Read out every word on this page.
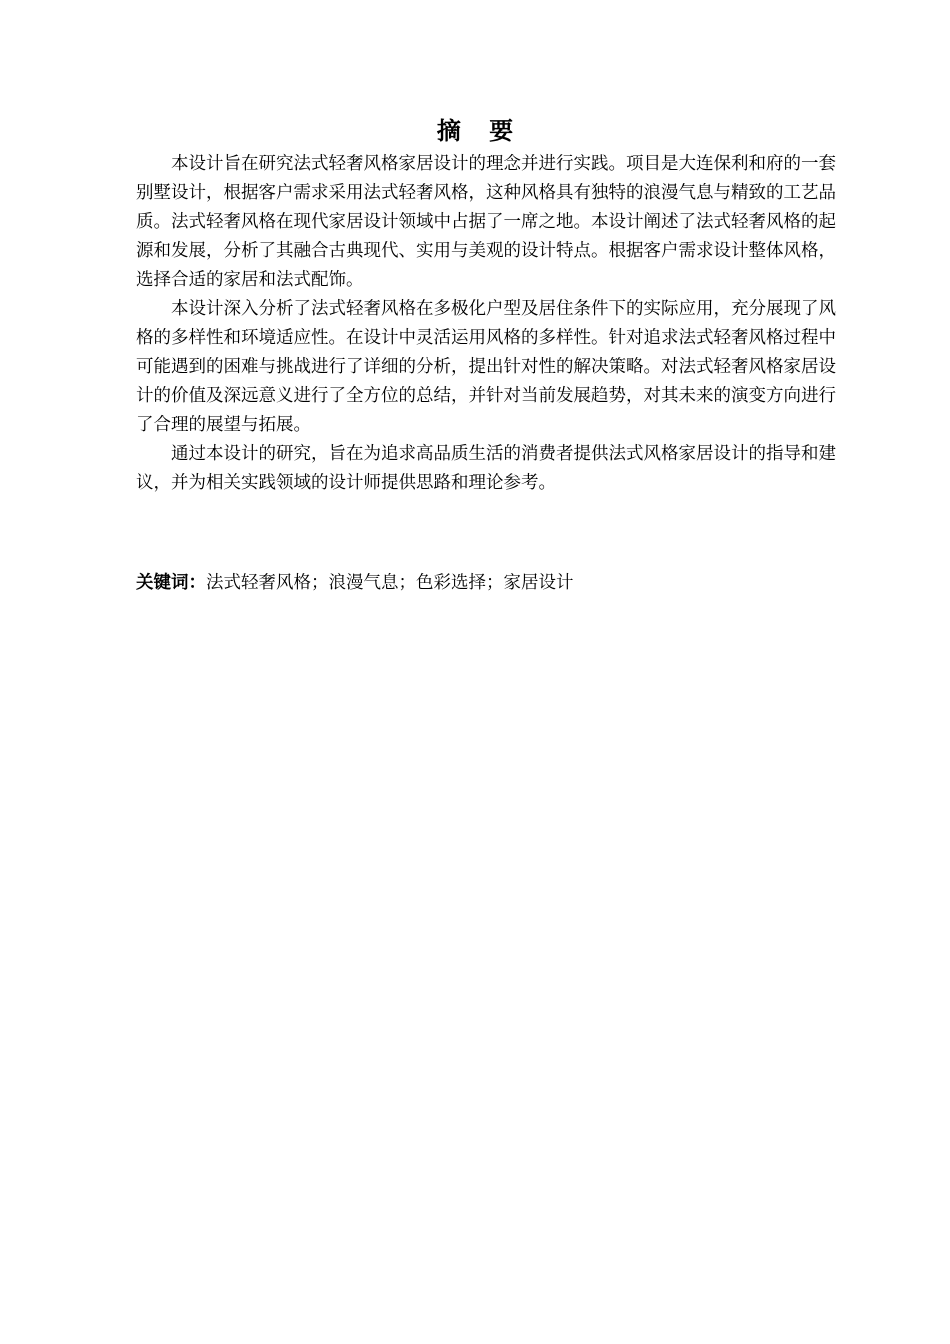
摘 要

本设计旨在研究法式轻奢风格家居设计的理念并进行实践。项目是大连保利和府的一套别墅设计，根据客户需求采用法式轻奢风格，这种风格具有独特的浪漫气息与精致的工艺品质。法式轻奢风格在现代家居设计领域中占据了一席之地。本设计阐述了法式轻奢风格的起源和发展，分析了其融合古典现代、实用与美观的设计特点。根据客户需求设计整体风格，选择合适的家居和法式配饰。

本设计深入分析了法式轻奢风格在多极化户型及居住条件下的实际应用，充分展现了风格的多样性和环境适应性。在设计中灵活运用风格的多样性。针对追求法式轻奢风格过程中可能遇到的困难与挑战进行了详细的分析，提出针对性的解决策略。对法式轻奢风格家居设计的价值及深远意义进行了全方位的总结，并针对当前发展趋势，对其未来的演变方向进行了合理的展望与拓展。

通过本设计的研究，旨在为追求高品质生活的消费者提供法式风格家居设计的指导和建议，并为相关实践领域的设计师提供思路和理论参考。

关键词：法式轻奢风格；浪漫气息；色彩选择；家居设计
